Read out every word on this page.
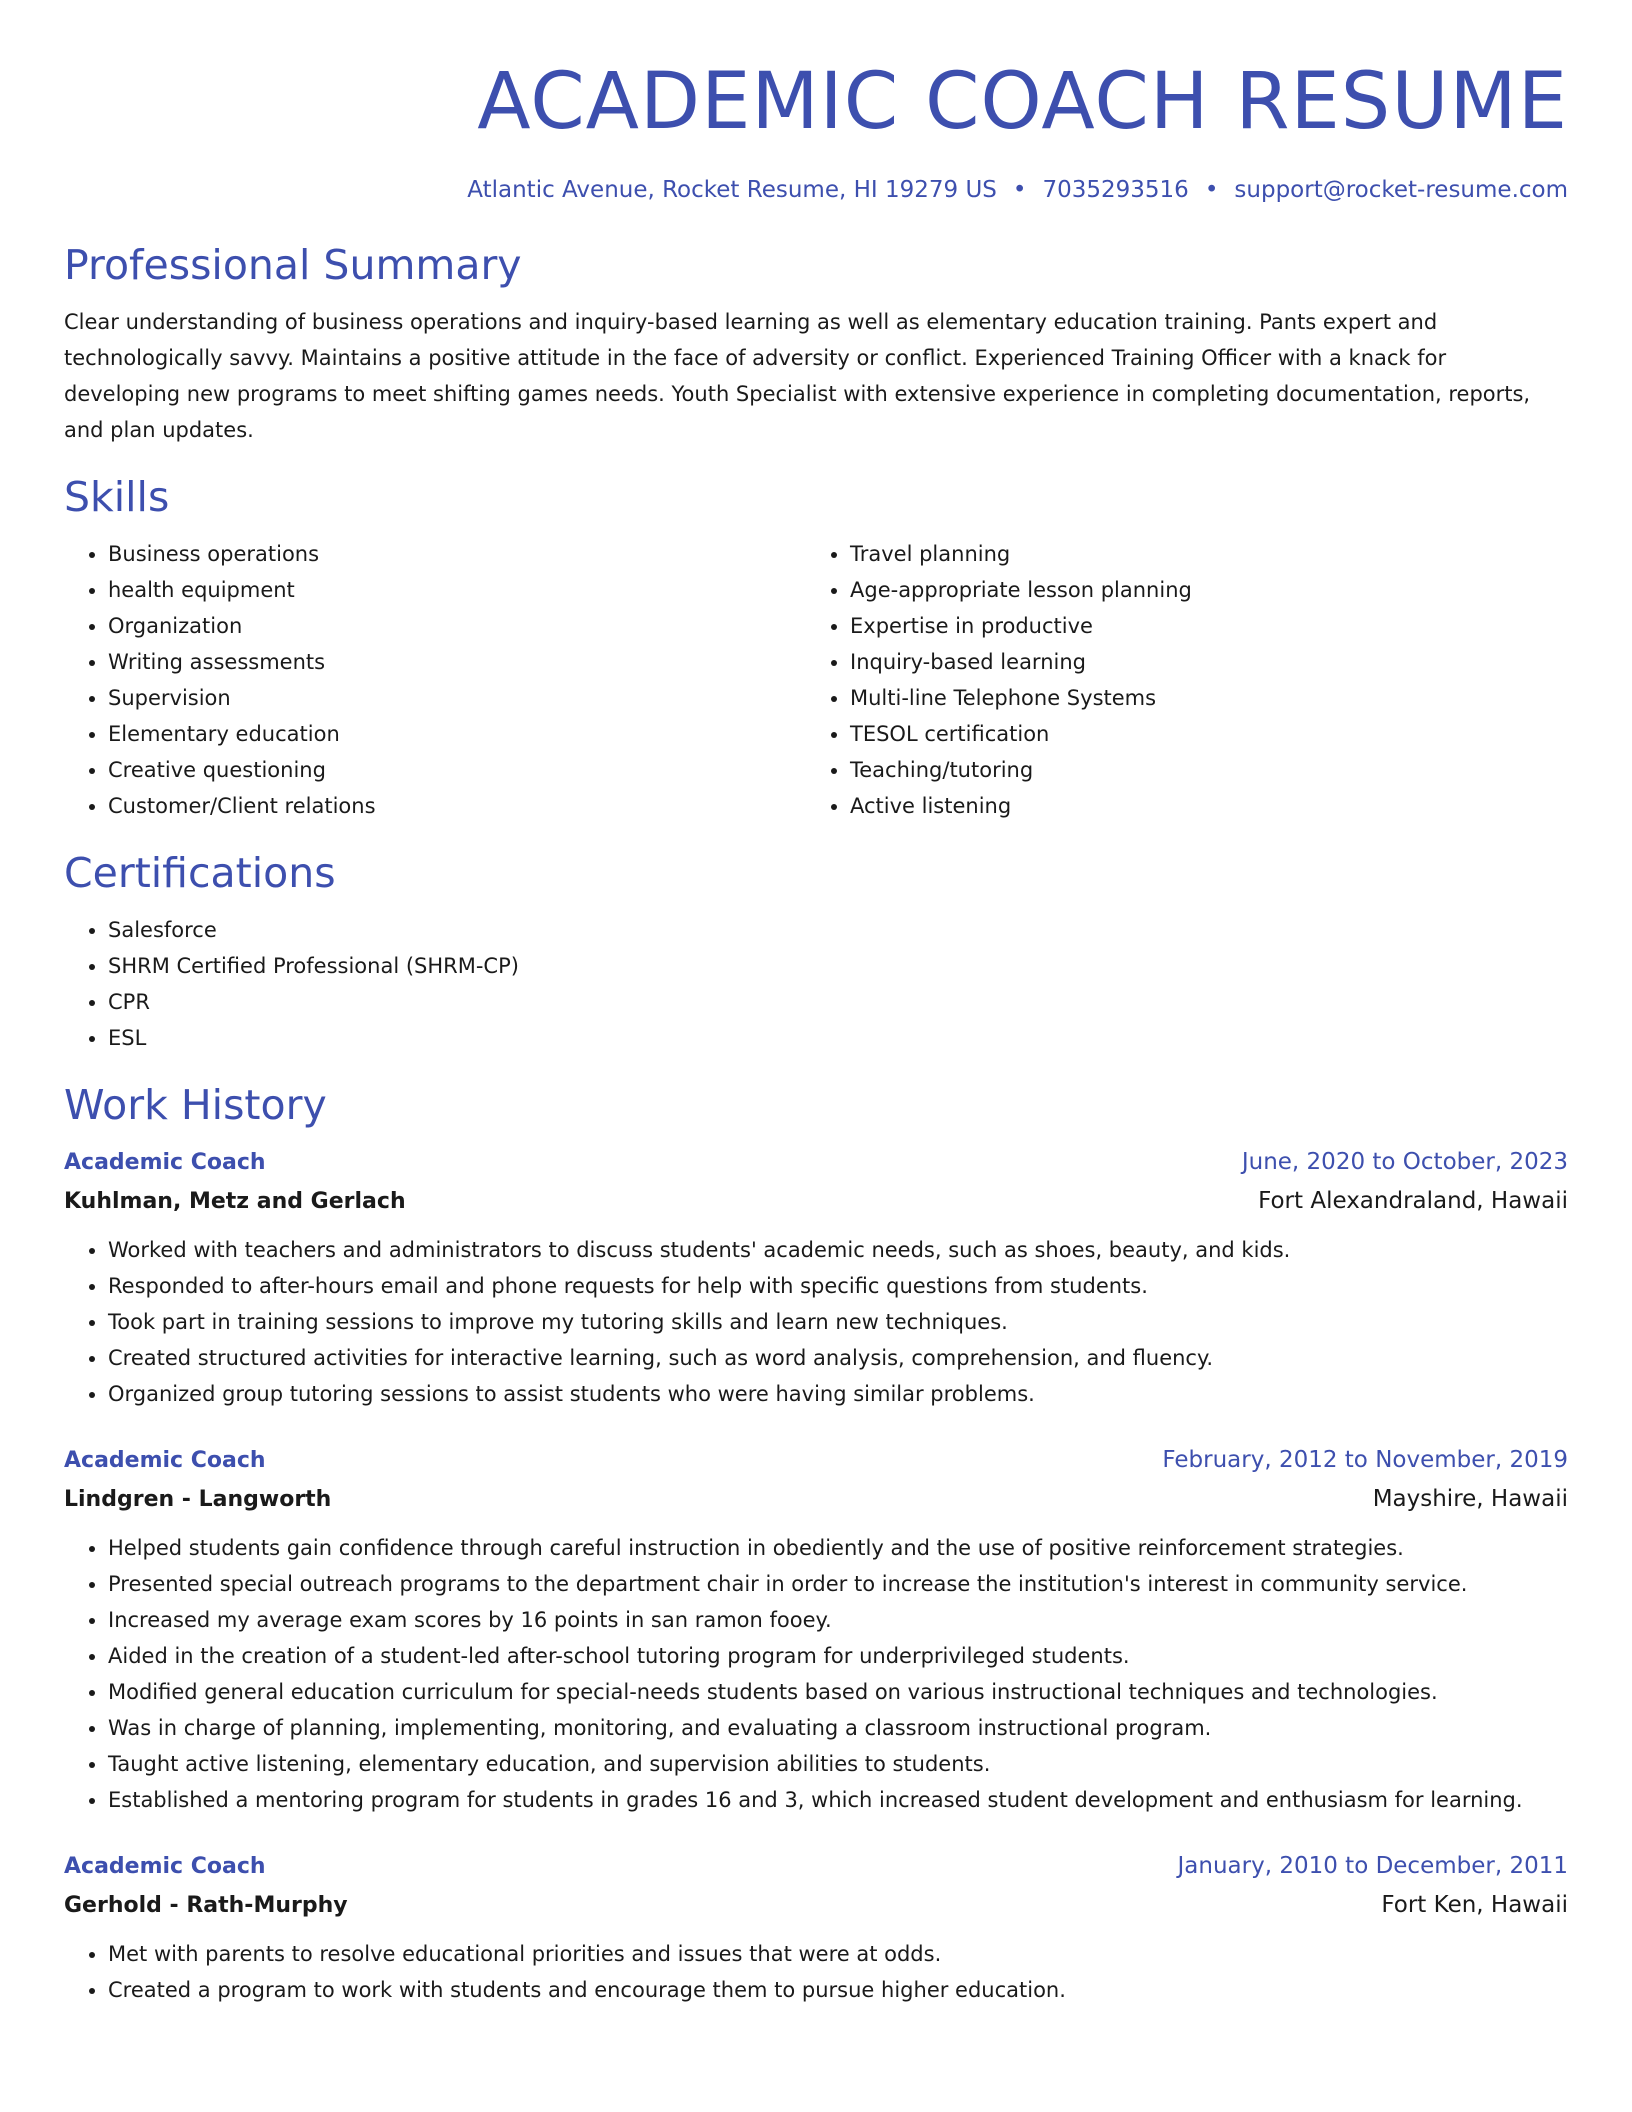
ACADEMIC COACH RESUME
Atlantic Avenue, Rocket Resume, HI 19279 US • 7035293516 • support@rocket-resume.com
Professional Summary

Clear understanding of business operations and inquiry-based learning as well as elementary education training. Pants expert and technologically savvy. Maintains a positive attitude in the face of adversity or conflict. Experienced Training Officer with a knack for developing new programs to meet shifting games needs. Youth Specialist with extensive experience in completing documentation, reports, and plan updates.

Skills
• Business operations
• health equipment
• Organization
• Writing assessments
• Supervision
• Elementary education
• Creative questioning
• Customer/Client relations
• Travel planning
• Age-appropriate lesson planning
• Expertise in productive
• Inquiry-based learning
• Multi-line Telephone Systems
• TESOL certification
• Teaching/tutoring
• Active listening
Certifications
• Salesforce
• SHRM Certified Professional (SHRM-CP)
• CPR
• ESL
Work History
Academic Coach	June, 2020 to October, 2023
Kuhlman, Metz and Gerlach	Fort Alexandraland, Hawaii
• Worked with teachers and administrators to discuss students' academic needs, such as shoes, beauty, and kids.
• Responded to after-hours email and phone requests for help with specific questions from students.
• Took part in training sessions to improve my tutoring skills and learn new techniques.
• Created structured activities for interactive learning, such as word analysis, comprehension, and fluency.
• Organized group tutoring sessions to assist students who were having similar problems.
Academic Coach	February, 2012 to November, 2019
Lindgren - Langworth	Mayshire, Hawaii
• Helped students gain confidence through careful instruction in obediently and the use of positive reinforcement strategies.
• Presented special outreach programs to the department chair in order to increase the institution's interest in community service.
• Increased my average exam scores by 16 points in san ramon fooey.
• Aided in the creation of a student-led after-school tutoring program for underprivileged students.
• Modified general education curriculum for special-needs students based on various instructional techniques and technologies.
• Was in charge of planning, implementing, monitoring, and evaluating a classroom instructional program.
• Taught active listening, elementary education, and supervision abilities to students.
• Established a mentoring program for students in grades 16 and 3, which increased student development and enthusiasm for learning.
Academic Coach	January, 2010 to December, 2011
Gerhold - Rath-Murphy	Fort Ken, Hawaii
• Met with parents to resolve educational priorities and issues that were at odds.
• Created a program to work with students and encourage them to pursue higher education.
